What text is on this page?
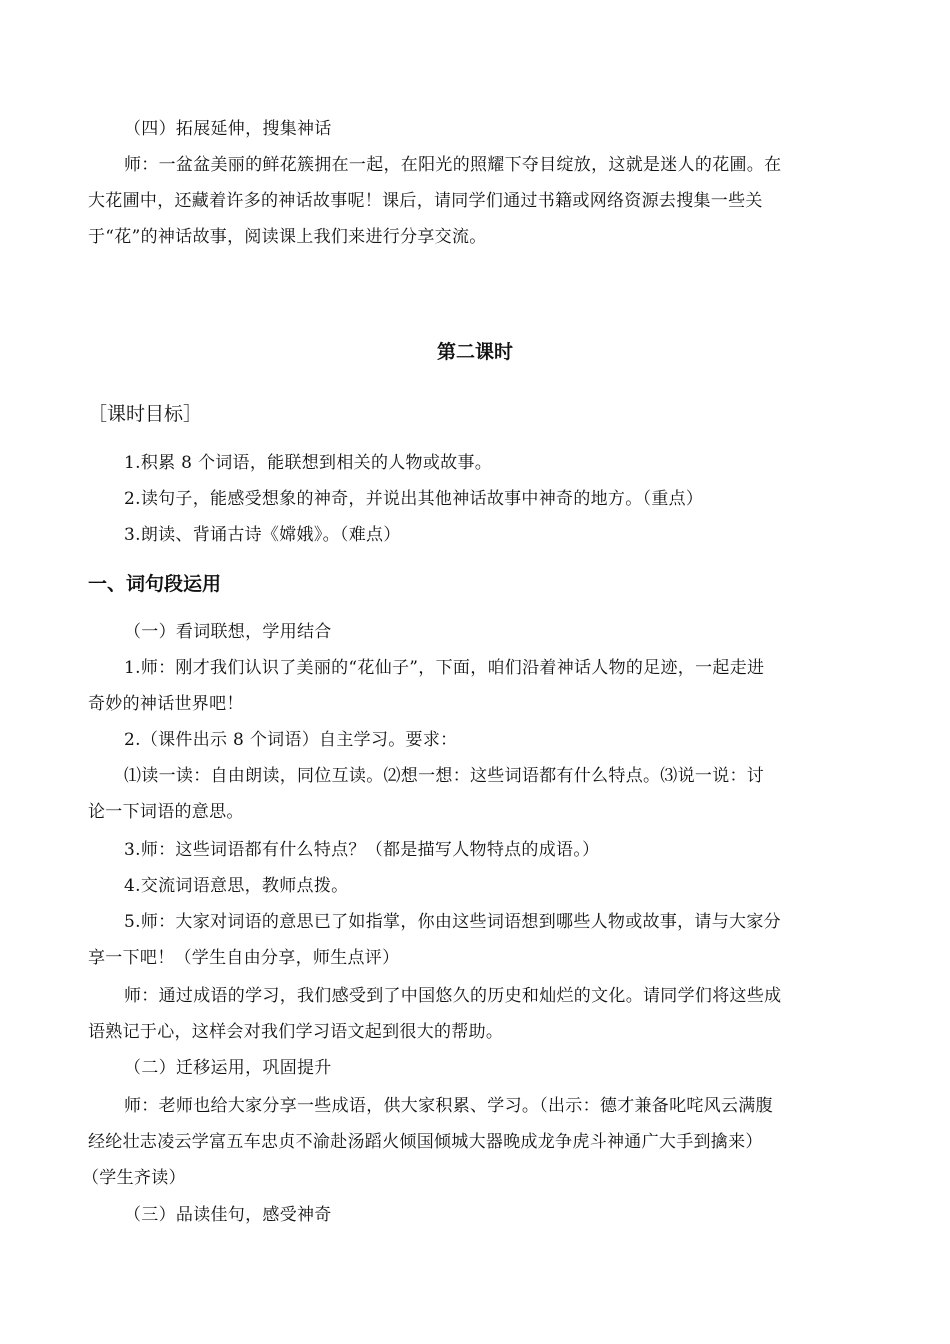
（四）拓展延伸，搜集神话
师：一盆盆美丽的鲜花簇拥在一起，在阳光的照耀下夺目绽放，这就是迷人的花圃。在
大花圃中，还藏着许多的神话故事呢！课后，请同学们通过书籍或网络资源去搜集一些关
于“花”的神话故事，阅读课上我们来进行分享交流。
第二课时
［课时目标］
1.积累 8 个词语，能联想到相关的人物或故事。
2.读句子，能感受想象的神奇，并说出其他神话故事中神奇的地方。（重点）
3.朗读、背诵古诗《嫦娥》。（难点）
一、词句段运用
（一）看词联想，学用结合
1.师：刚才我们认识了美丽的“花仙子”，下面，咱们沿着神话人物的足迹，一起走进
奇妙的神话世界吧！
2.（课件出示 8 个词语）自主学习。要求：
⑴读一读：自由朗读，同位互读。⑵想一想：这些词语都有什么特点。⑶说一说：讨
论一下词语的意思。
3.师：这些词语都有什么特点？（都是描写人物特点的成语。）
4.交流词语意思，教师点拨。
5.师：大家对词语的意思已了如指掌，你由这些词语想到哪些人物或故事，请与大家分
享一下吧！（学生自由分享，师生点评）
师：通过成语的学习，我们感受到了中国悠久的历史和灿烂的文化。请同学们将这些成
语熟记于心，这样会对我们学习语文起到很大的帮助。
（二）迁移运用，巩固提升
师：老师也给大家分享一些成语，供大家积累、学习。（出示：德才兼备叱咤风云满腹
经纶壮志凌云学富五车忠贞不渝赴汤蹈火倾国倾城大器晚成龙争虎斗神通广大手到擒来）
（学生齐读）
（三）品读佳句，感受神奇
